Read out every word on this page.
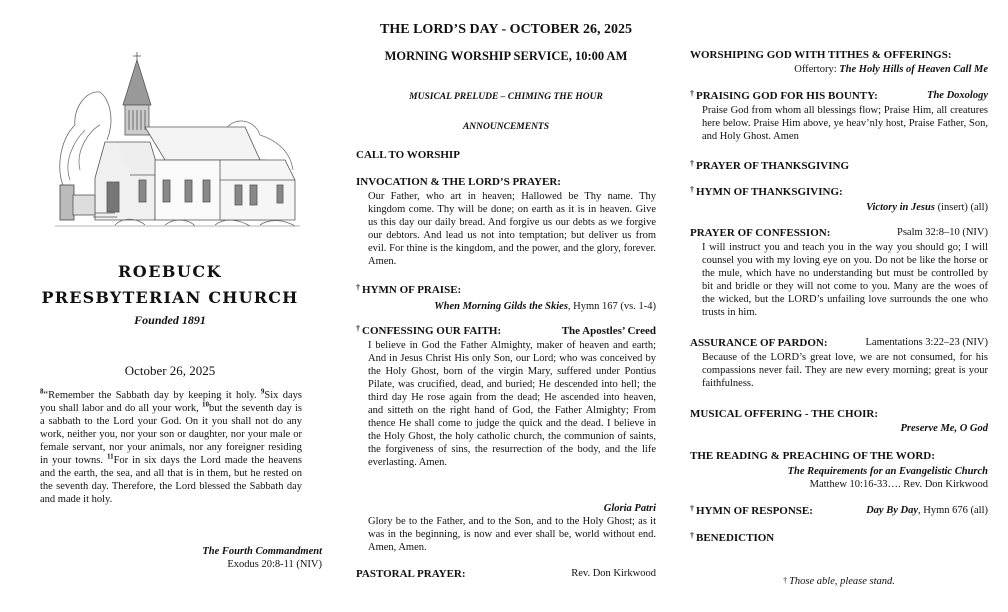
ROEBUCK
PRESBYTERIAN CHURCH
Founded 1891
October 26, 2025
$^8$“Remember the Sabbath day by keeping it holy. $^9$Six days you shall labor and do all your work, $^{10}$but the seventh day is a sabbath to the Lord your God. On it you shall not do any work, neither you, nor your son or daughter, nor your male or female servant, nor your animals, nor any foreigner residing in your towns. $^{11}$For in six days the Lord made the heavens and the earth, the sea, and all that is in them, but he rested on the seventh day. Therefore, the Lord blessed the Sabbath day and made it holy.
The Fourth Commandment
Exodus 20:8-11 (NIV)
THE LORD’S DAY - OCTOBER 26, 2025
MORNING WORSHIP SERVICE, 10:00 AM
MUSICAL PRELUDE – CHIMING THE HOUR
ANNOUNCEMENTS
CALL TO WORSHIP
INVOCATION & THE LORD’S PRAYER:
Our Father, who art in heaven; Hallowed be Thy name. Thy kingdom come. Thy will be done; on earth as it is in heaven. Give us this day our daily bread. And forgive us our debts as we forgive our debtors. And lead us not into temptation; but deliver us from evil. For thine is the kingdom, and the power, and the glory, forever. Amen.
† HYMN OF PRAISE:
When Morning Gilds the Skies, Hymn 167 (vs. 1-4)
† CONFESSING OUR FAITH:	The Apostles’ Creed
I believe in God the Father Almighty, maker of heaven and earth; And in Jesus Christ His only Son, our Lord; who was conceived by the Holy Ghost, born of the virgin Mary, suffered under Pontius Pilate, was crucified, dead, and buried; He descended into hell; the third day He rose again from the dead; He ascended into heaven, and sitteth on the right hand of God, the Father Almighty; From thence He shall come to judge the quick and the dead. I believe in the Holy Ghost, the holy catholic church, the communion of saints, the forgiveness of sins, the resurrection of the body, and the life everlasting. Amen.
Gloria Patri
Glory be to the Father, and to the Son, and to the Holy Ghost; as it was in the beginning, is now and ever shall be, world without end. Amen, Amen.
PASTORAL PRAYER:	Rev. Don Kirkwood
WORSHIPING GOD WITH TITHES & OFFERINGS:
Offertory: The Holy Hills of Heaven Call Me
† PRAISING GOD FOR HIS BOUNTY:	The Doxology
Praise God from whom all blessings flow; Praise Him, all creatures here below. Praise Him above, ye heav’nly host, Praise Father, Son, and Holy Ghost. Amen
† PRAYER OF THANKSGIVING
† HYMN OF THANKSGIVING:
Victory in Jesus (insert) (all)
PRAYER OF CONFESSION:	Psalm 32:8–10 (NIV)
I will instruct you and teach you in the way you should go; I will counsel you with my loving eye on you. Do not be like the horse or the mule, which have no understanding but must be controlled by bit and bridle or they will not come to you. Many are the woes of the wicked, but the LORD’s unfailing love surrounds the one who trusts in him.
ASSURANCE OF PARDON:	Lamentations 3:22–23 (NIV)
Because of the LORD’s great love, we are not consumed, for his compassions never fail. They are new every morning; great is your faithfulness.
MUSICAL OFFERING - THE CHOIR:
Preserve Me, O God
THE READING & PREACHING OF THE WORD:
The Requirements for an Evangelistic Church
Matthew 10:16-33…. Rev. Don Kirkwood
† HYMN OF RESPONSE:	Day By Day, Hymn 676 (all)
† BENEDICTION
† Those able, please stand.
